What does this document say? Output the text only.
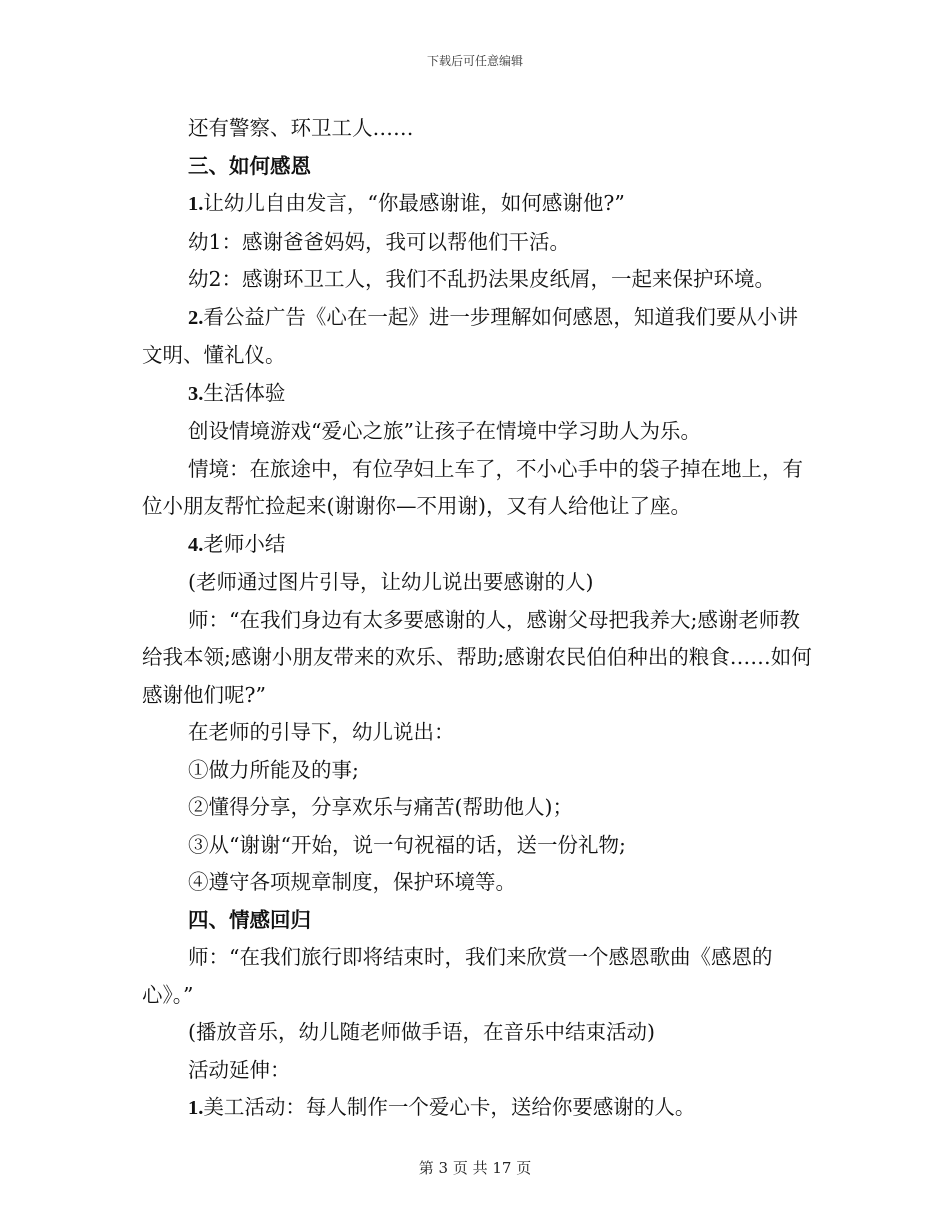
下载后可任意编辑

还有警察、环卫工人……

三、如何感恩

1.让幼儿自由发言，“你最感谢谁，如何感谢他?”

幼1：感谢爸爸妈妈，我可以帮他们干活。

幼2：感谢环卫工人，我们不乱扔法果皮纸屑，一起来保护环境。

2.看公益广告《心在一起》进一步理解如何感恩，知道我们要从小讲文明、懂礼仪。

3.生活体验

创设情境游戏“爱心之旅”让孩子在情境中学习助人为乐。

情境：在旅途中，有位孕妇上车了，不小心手中的袋子掉在地上，有位小朋友帮忙捡起来(谢谢你—不用谢)，又有人给他让了座。

4.老师小结

(老师通过图片引导，让幼儿说出要感谢的人)

师：“在我们身边有太多要感谢的人，感谢父母把我养大;感谢老师教给我本领;感谢小朋友带来的欢乐、帮助;感谢农民伯伯种出的粮食……如何感谢他们呢?”

在老师的引导下，幼儿说出：

①做力所能及的事;

②懂得分享，分享欢乐与痛苦(帮助他人)；

③从“谢谢“开始，说一句祝福的话，送一份礼物;

④遵守各项规章制度，保护环境等。

四、情感回归

师：“在我们旅行即将结束时，我们来欣赏一个感恩歌曲《感恩的心》。”

(播放音乐，幼儿随老师做手语，在音乐中结束活动)

活动延伸：

1.美工活动：每人制作一个爱心卡，送给你要感谢的人。

第 3 页 共 17 页
